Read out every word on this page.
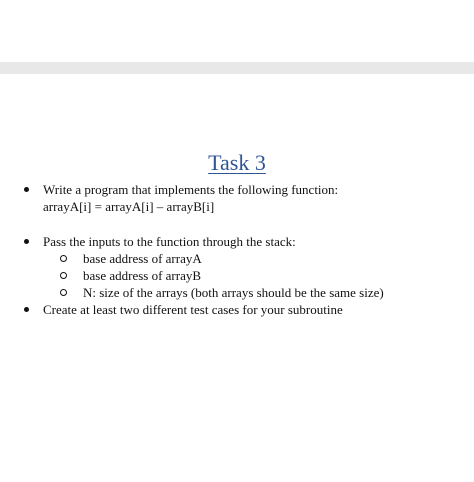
Task 3
Write a program that implements the following function:
arrayA[i] = arrayA[i] – arrayB[i]
Pass the inputs to the function through the stack:
base address of arrayA
base address of arrayB
N: size of the arrays (both arrays should be the same size)
Create at least two different test cases for your subroutine
